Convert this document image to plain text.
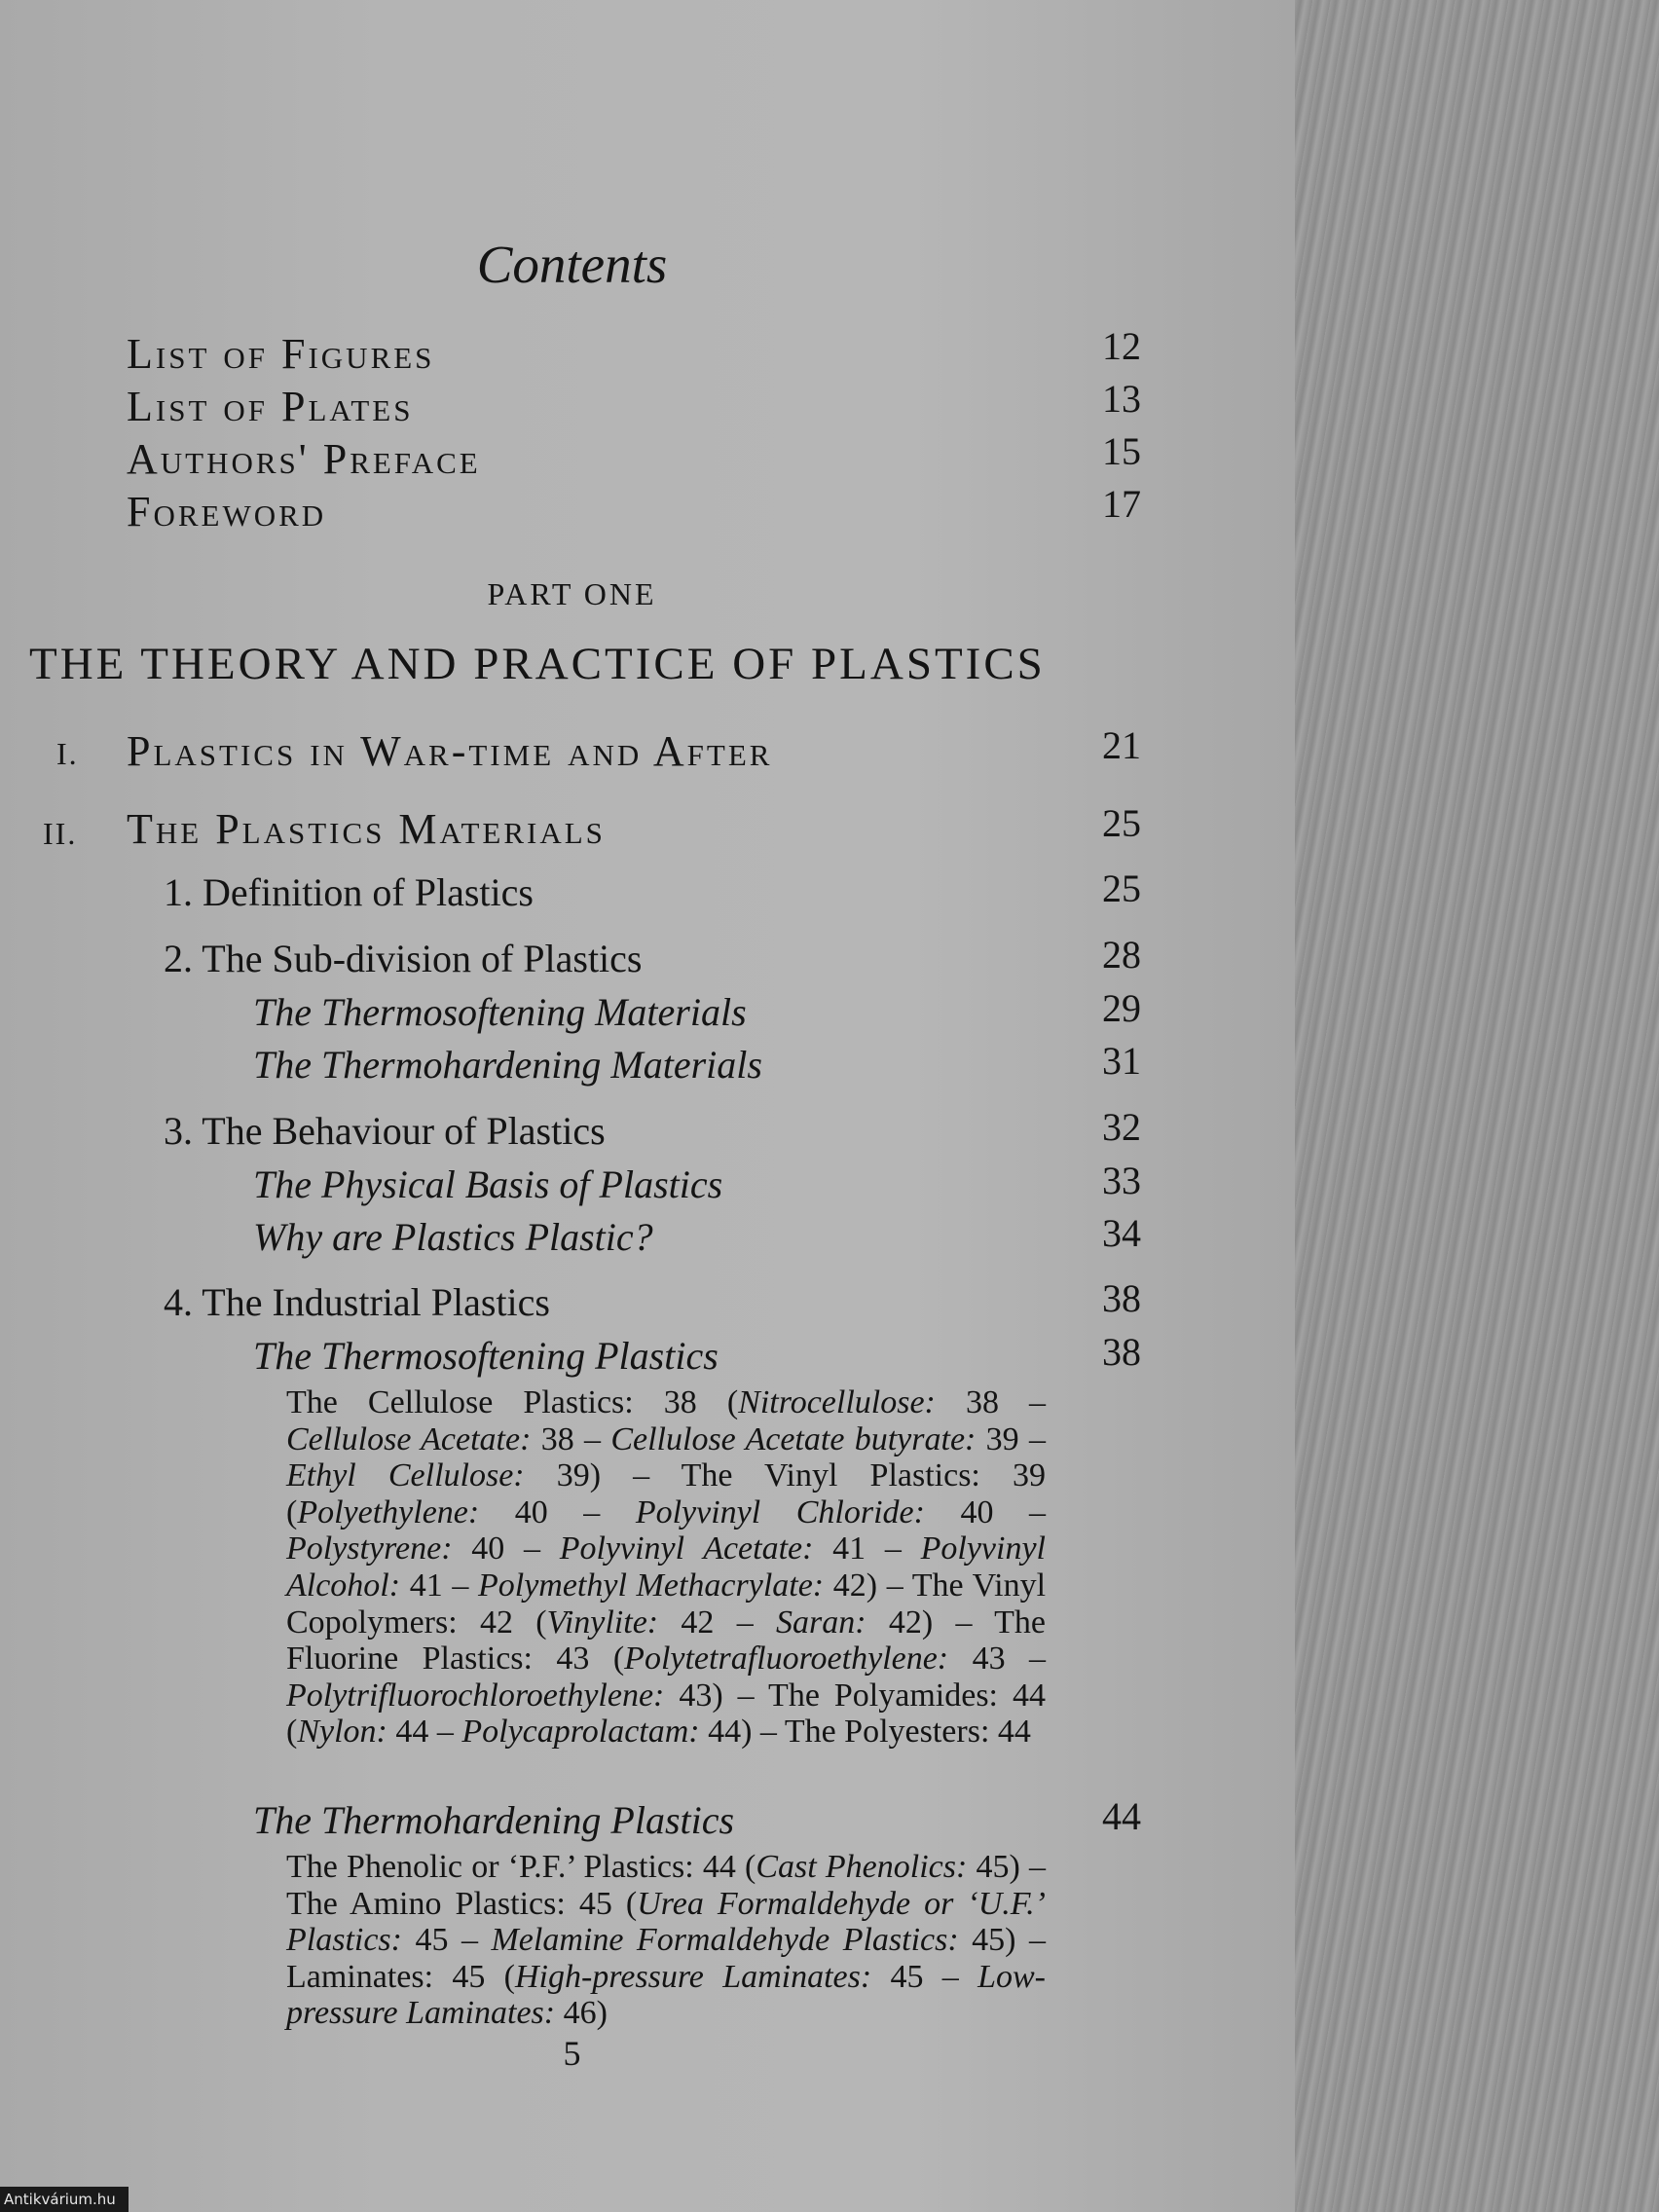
Contents
List of Figures	12
List of Plates	13
Authors' Preface	15
Foreword	17
PART ONE
THE THEORY AND PRACTICE OF PLASTICS
I. Plastics in War-time and After	21
II. The Plastics Materials	25
1. Definition of Plastics	25
2. The Sub-division of Plastics	28
The Thermosoftening Materials	29
The Thermohardening Materials	31
3. The Behaviour of Plastics	32
The Physical Basis of Plastics	33
Why are Plastics Plastic?	34
4. The Industrial Plastics	38
The Thermosoftening Plastics	38
The Cellulose Plastics: 38 (Nitrocellulose: 38 – Cellulose Acetate: 38 – Cellulose Acetate butyrate: 39 – Ethyl Cellulose: 39) – The Vinyl Plastics: 39 (Polyethylene: 40 – Polyvinyl Chloride: 40 – Polystyrene: 40 – Polyvinyl Acetate: 41 – Polyvinyl Alcohol: 41 – Polymethyl Methacrylate: 42) – The Vinyl Copolymers: 42 (Vinylite: 42 – Saran: 42) – The Fluorine Plastics: 43 (Polytetrafluoroethylene: 43 – Polytrifluorochloroethylene: 43) – The Polyamides: 44 (Nylon: 44 – Polycaprolactam: 44) – The Polyesters: 44
The Thermohardening Plastics	44
The Phenolic or ‘P.F.’ Plastics: 44 (Cast Phenolics: 45) – The Amino Plastics: 45 (Urea Formaldehyde or ‘U.F.’ Plastics: 45 – Melamine Formaldehyde Plastics: 45) – Laminates: 45 (High-pressure Laminates: 45 – Low-pressure Laminates: 46)
5
Antikvárium.hu
